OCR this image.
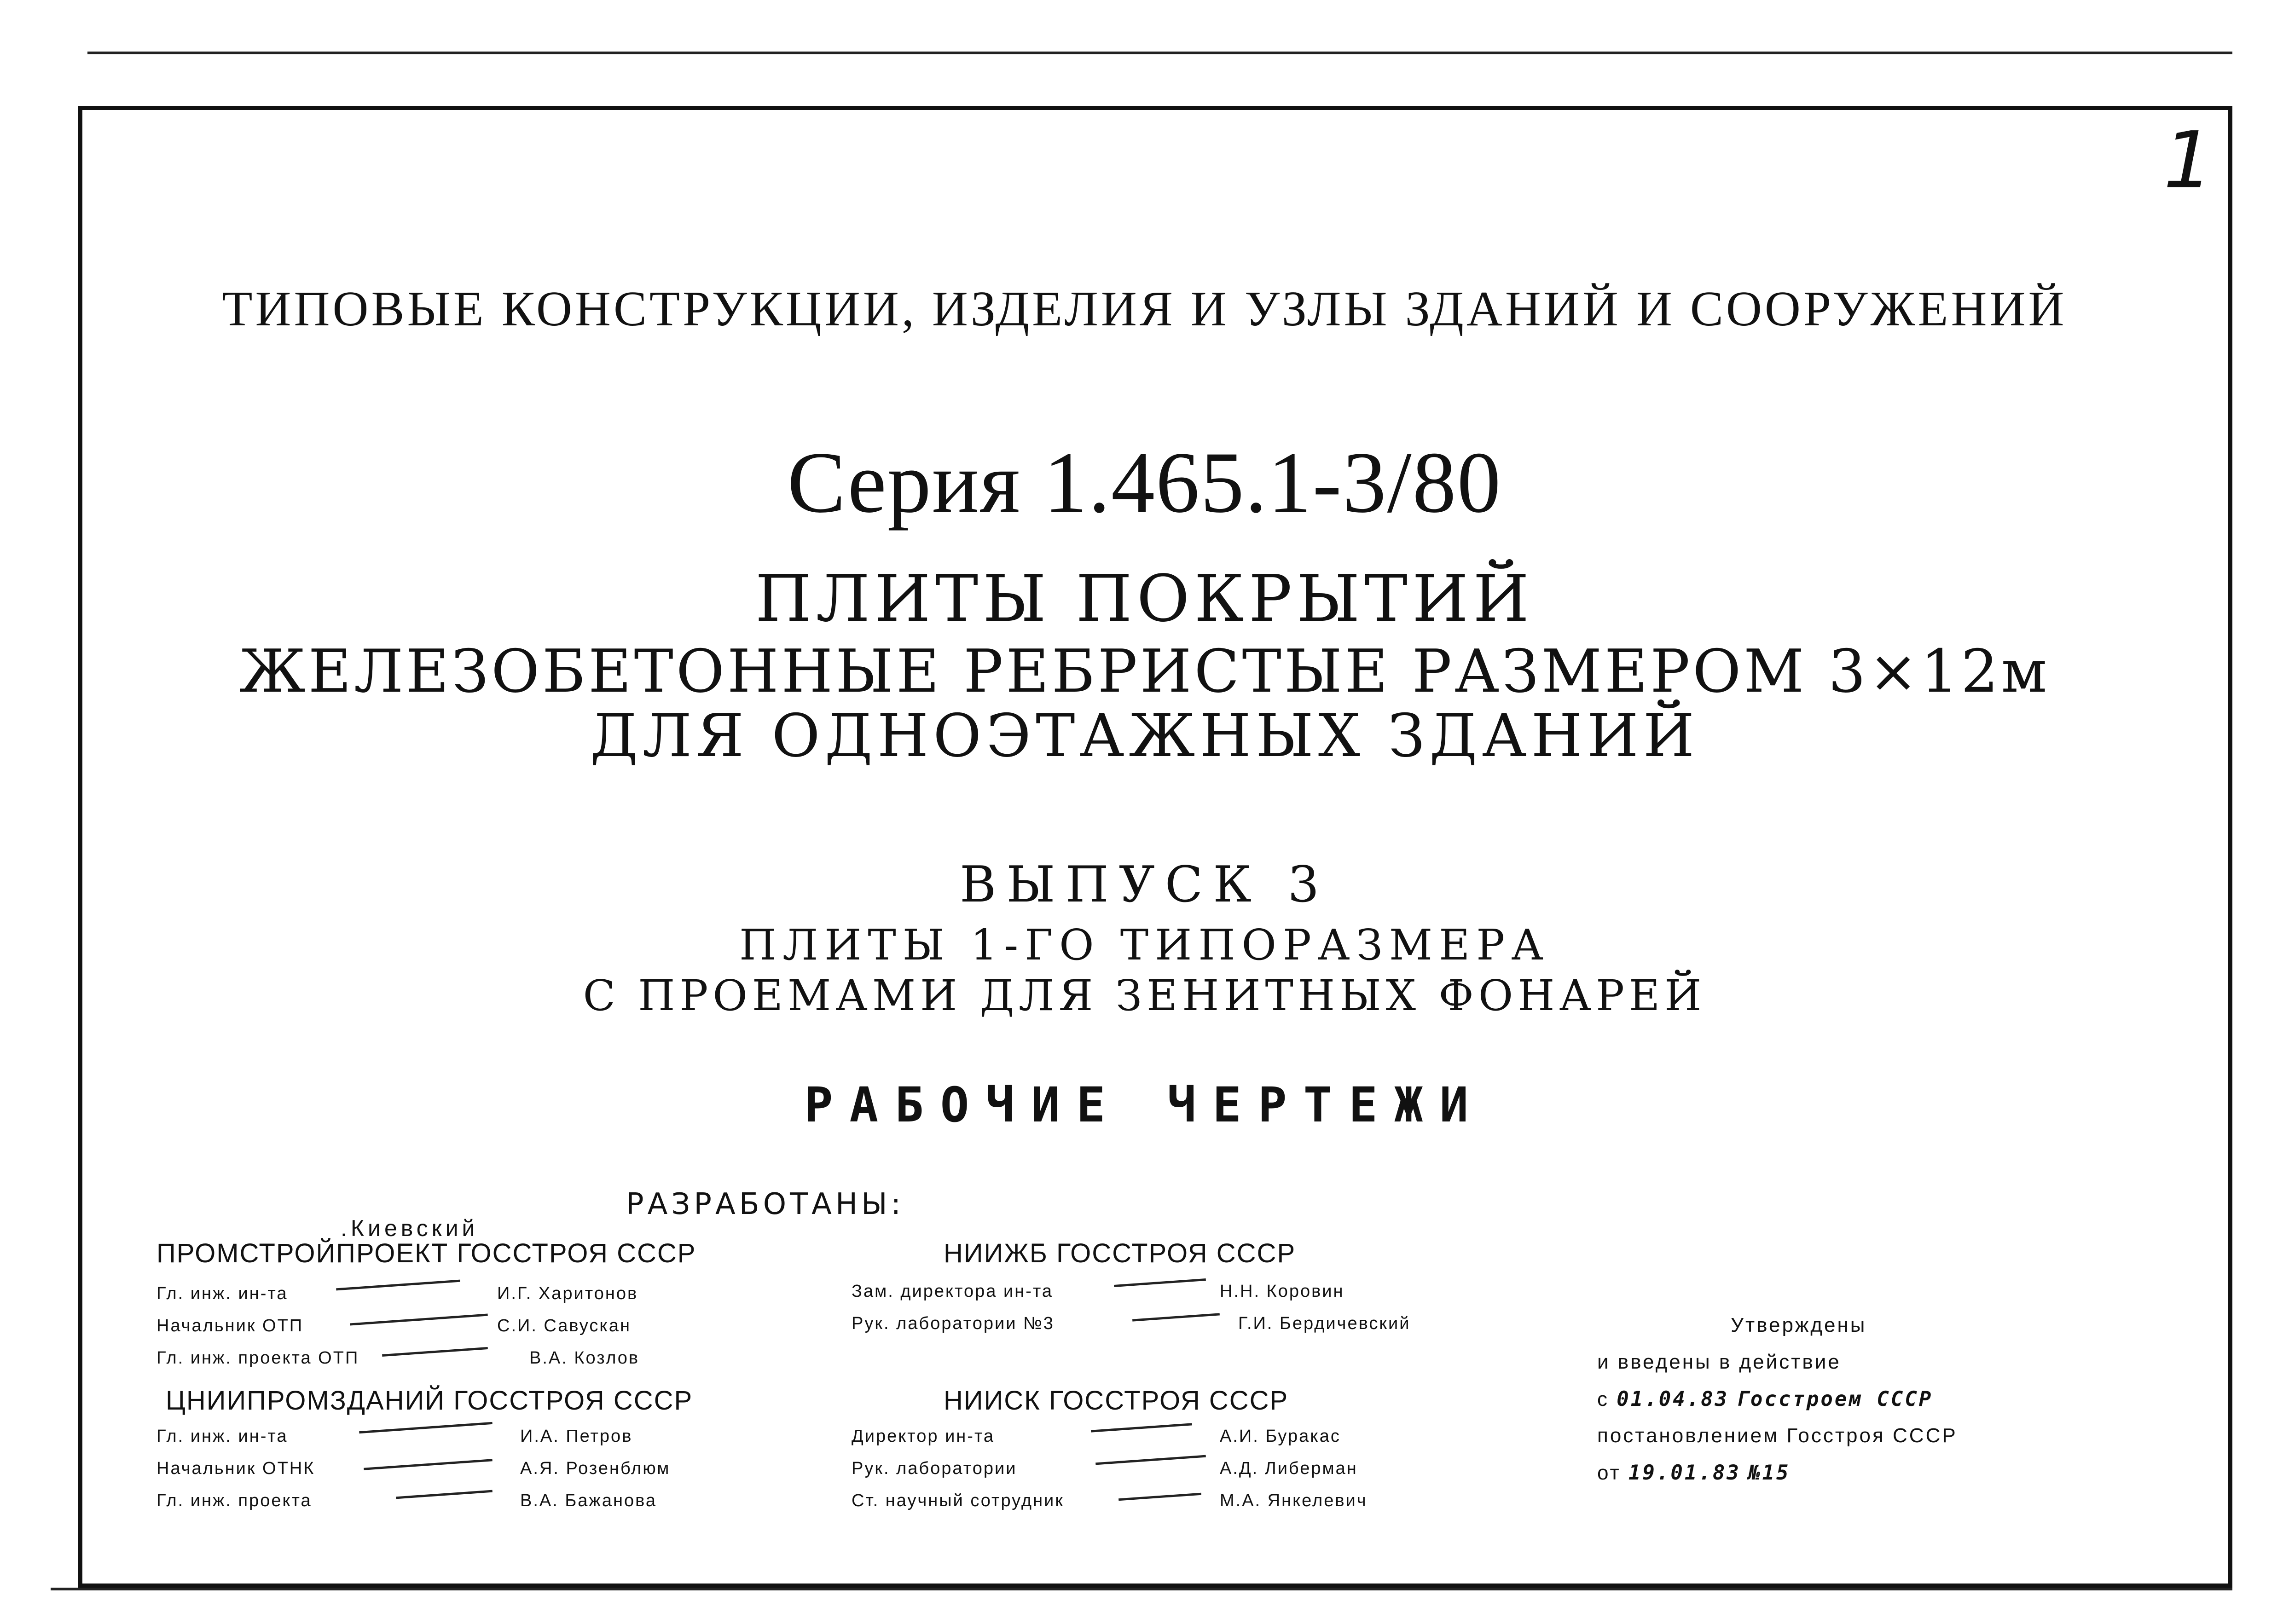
1
ТИПОВЫЕ КОНСТРУКЦИИ, ИЗДЕЛИЯ И УЗЛЫ ЗДАНИЙ И СООРУЖЕНИЙ
Серия 1.465.1-3/80
ПЛИТЫ ПОКРЫТИЙ
ЖЕЛЕЗОБЕТОННЫЕ РЕБРИСТЫЕ РАЗМЕРОМ 3×12м
ДЛЯ ОДНОЭТАЖНЫХ ЗДАНИЙ
ВЫПУСК 3
ПЛИТЫ 1-ГО ТИПОРАЗМЕРА
С ПРОЕМАМИ ДЛЯ ЗЕНИТНЫХ ФОНАРЕЙ
РАБОЧИЕ ЧЕРТЕЖИ
РАЗРАБОТАНЫ:
.Киевский
ПРОМСТРОЙПРОЕКТ ГОССТРОЯ СССР
Гл. инж. ин-та	И.Г. Харитонов
Начальник ОТП	С.И. Савускан
Гл. инж. проекта ОТП	В.А. Козлов
ЦНИИПРОМЗДАНИЙ ГОССТРОЯ СССР
Гл. инж. ин-та	И.А. Петров
Начальник ОТНК	А.Я. Розенблюм
Гл. инж. проекта	В.А. Бажанова
НИИЖБ ГОССТРОЯ СССР
Зам. директора ин-та	Н.Н. Коровин
Рук. лаборатории №3	Г.И. Бердичевский
НИИСК ГОССТРОЯ СССР
Директор ин-та	А.И. Буракас
Рук. лаборатории	А.Д. Либерман
Ст. научный сотрудник	М.А. Янкелевич
Утверждены
и введены в действие
с 01.04.83 Госстроем СССР
постановлением Госстроя СССР
от 19.01.83 №15
